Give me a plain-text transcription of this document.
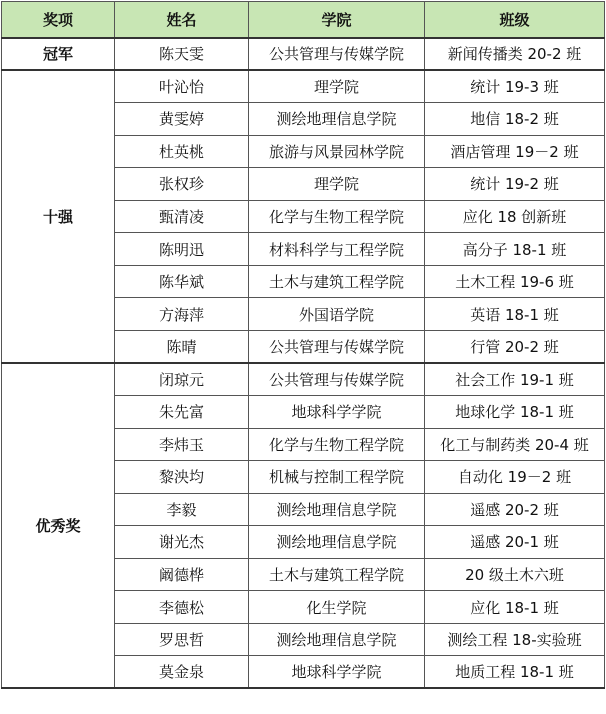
奖项	姓名	学院	班级
冠军	陈天雯	公共管理与传媒学院	新闻传播类 20-2 班
十强	叶沁怡	理学院	统计 19-3 班
	黄雯婷	测绘地理信息学院	地信 18-2 班
	杜英桃	旅游与风景园林学院	酒店管理 19－2 班
	张权珍	理学院	统计 19-2 班
	甄清凌	化学与生物工程学院	应化 18 创新班
	陈明迅	材料科学与工程学院	高分子 18-1 班
	陈华斌	土木与建筑工程学院	土木工程 19-6 班
	方海萍	外国语学院	英语 18-1 班
	陈晴	公共管理与传媒学院	行管 20-2 班
优秀奖	闭琼元	公共管理与传媒学院	社会工作 19-1 班
	朱先富	地球科学学院	地球化学 18-1 班
	李炜玉	化学与生物工程学院	化工与制药类 20-4 班
	黎泱均	机械与控制工程学院	自动化 19－2 班
	李毅	测绘地理信息学院	遥感 20-2 班
	谢光杰	测绘地理信息学院	遥感 20-1 班
	阚德桦	土木与建筑工程学院	20 级土木六班
	李德松	化生学院	应化 18-1 班
	罗思哲	测绘地理信息学院	测绘工程 18-实验班
	莫金泉	地球科学学院	地质工程 18-1 班
